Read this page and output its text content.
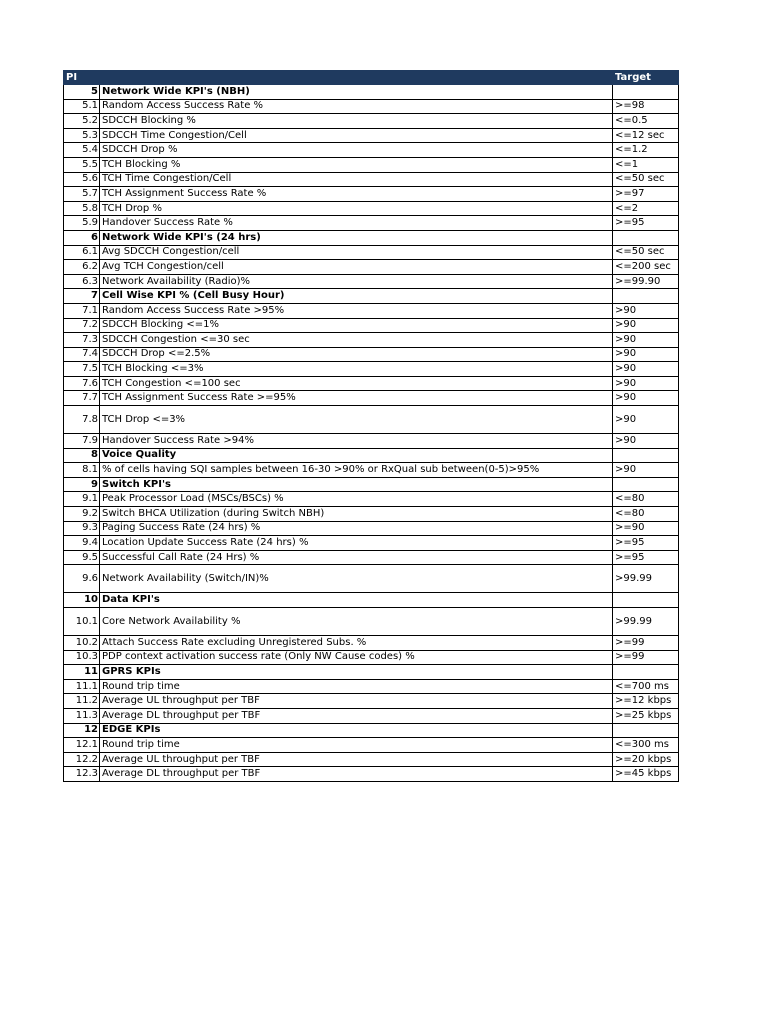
PI		Target
5	Network Wide KPI's (NBH)	
5.1	Random Access Success Rate %	>=98
5.2	SDCCH Blocking %	<=0.5
5.3	SDCCH Time Congestion/Cell	<=12 sec
5.4	SDCCH Drop %	<=1.2
5.5	TCH Blocking %	<=1
5.6	TCH Time Congestion/Cell	<=50 sec
5.7	TCH Assignment Success Rate %	>=97
5.8	TCH Drop %	<=2
5.9	Handover Success Rate %	>=95
6	Network Wide KPI's (24 hrs)	
6.1	Avg SDCCH Congestion/cell	<=50 sec
6.2	Avg TCH Congestion/cell	<=200 sec
6.3	Network Availability (Radio)%	>=99.90
7	Cell Wise KPI % (Cell Busy Hour)	
7.1	Random Access Success Rate >95%	>90
7.2	SDCCH Blocking <=1%	>90
7.3	SDCCH Congestion <=30 sec	>90
7.4	SDCCH Drop <=2.5%	>90
7.5	TCH Blocking <=3%	>90
7.6	TCH Congestion <=100 sec	>90
7.7	TCH Assignment Success Rate >=95%	>90
7.8	TCH Drop <=3%	>90
7.9	Handover Success Rate >94%	>90
8	Voice Quality	
8.1	% of cells having SQI samples between 16-30 >90% or RxQual sub between(0-5)>95%	>90
9	Switch KPI's	
9.1	Peak Processor Load (MSCs/BSCs) %	<=80
9.2	Switch BHCA Utilization (during Switch NBH)	<=80
9.3	Paging Success Rate (24 hrs) %	>=90
9.4	Location Update Success Rate (24 hrs) %	>=95
9.5	Successful Call Rate (24 Hrs) %	>=95
9.6	Network Availability (Switch/IN)%	>99.99
10	Data KPI's	
10.1	Core Network Availability %	>99.99
10.2	Attach Success Rate excluding Unregistered Subs. %	>=99
10.3	PDP context activation success rate (Only NW Cause codes) %	>=99
11	GPRS KPIs	
11.1	Round trip time	<=700 ms
11.2	Average UL throughput per TBF	>=12 kbps
11.3	Average DL throughput per TBF	>=25 kbps
12	EDGE KPIs	
12.1	Round trip time	<=300 ms
12.2	Average UL throughput per TBF	>=20 kbps
12.3	Average DL throughput per TBF	>=45 kbps
